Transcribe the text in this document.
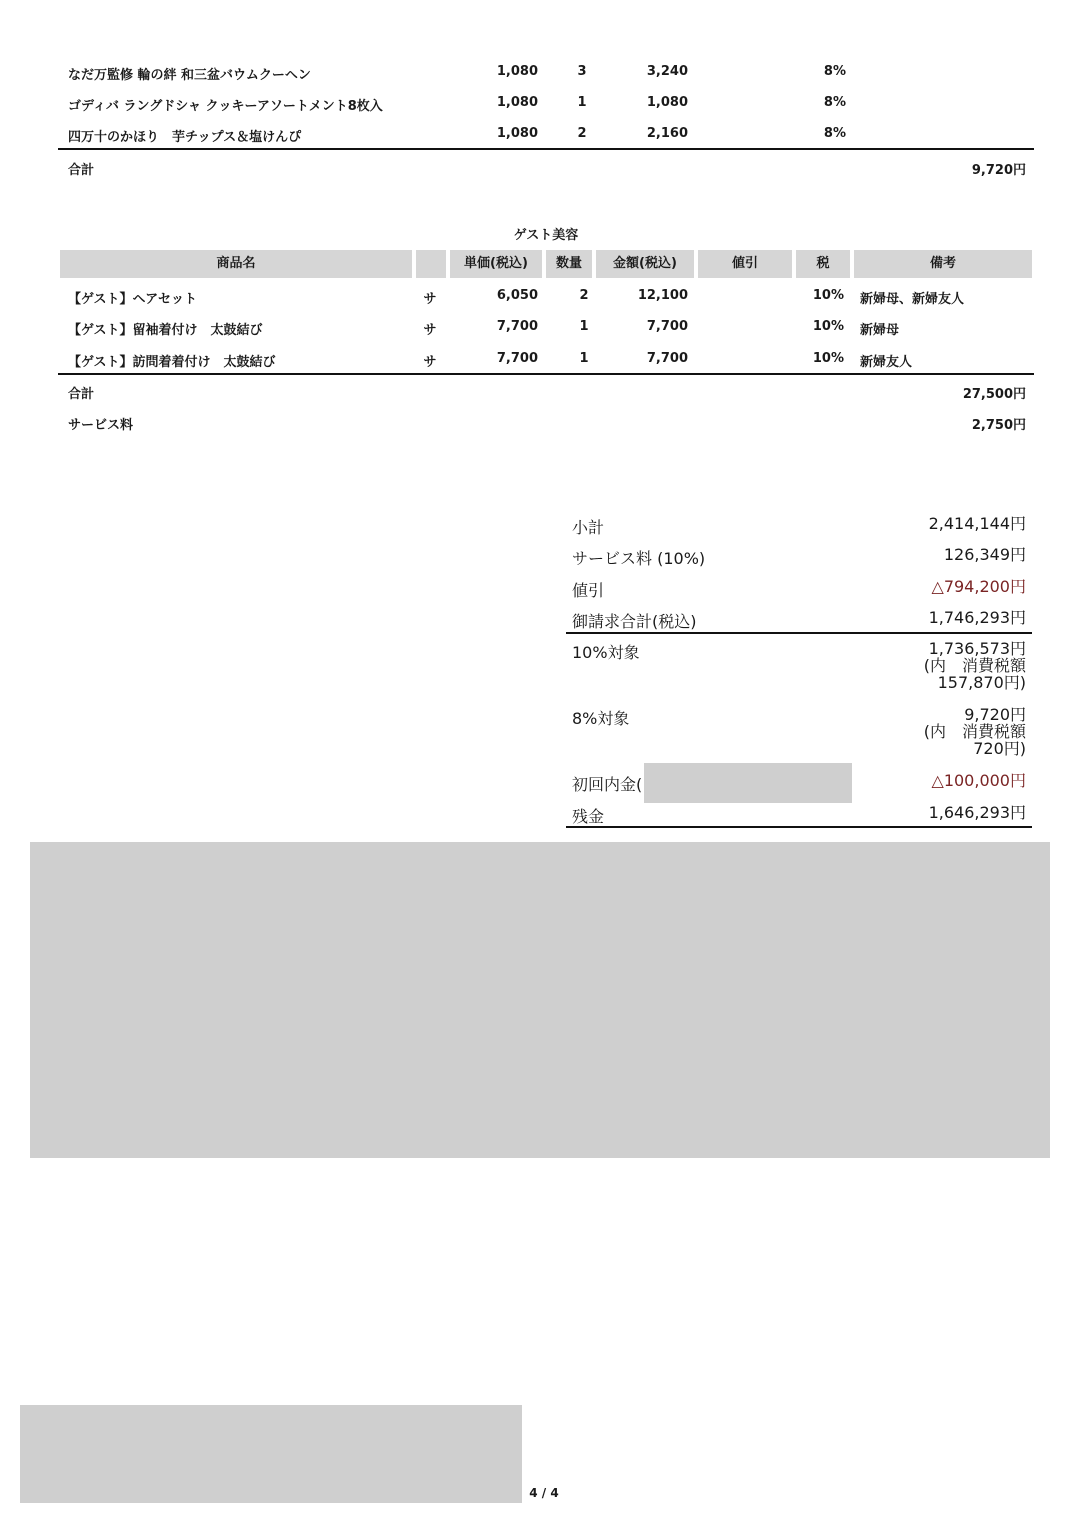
なだ万監修 輪の絆 和三盆バウムクーヘン	1,080	3	3,240	8%
ゴディバ ラングドシャ クッキーアソートメント8枚入	1,080	1	1,080	8%
四万十のかほり　芋チップス＆塩けんぴ	1,080	2	2,160	8%
合計	9,720円
ゲスト美容
商品名	単価(税込)	数量	金額(税込)	値引	税	備考
【ゲスト】ヘアセット	サ	6,050	2	12,100	10% 新婦母、新婦友人
【ゲスト】留袖着付け　太鼓結び	サ	7,700	1	7,700	10% 新婦母
【ゲスト】訪問着着付け　太鼓結び	サ	7,700	1	7,700	10% 新婦友人
合計	27,500円
サービス料	2,750円
小計	2,414,144円
サービス料 (10%)	126,349円
値引	△794,200円
御請求合計(税込)	1,746,293円
10%対象	1,736,573円
(内　消費税額
157,870円)
8%対象	9,720円
(内　消費税額
720円)
初回内金(	△100,000円
残金	1,646,293円
4 / 4
